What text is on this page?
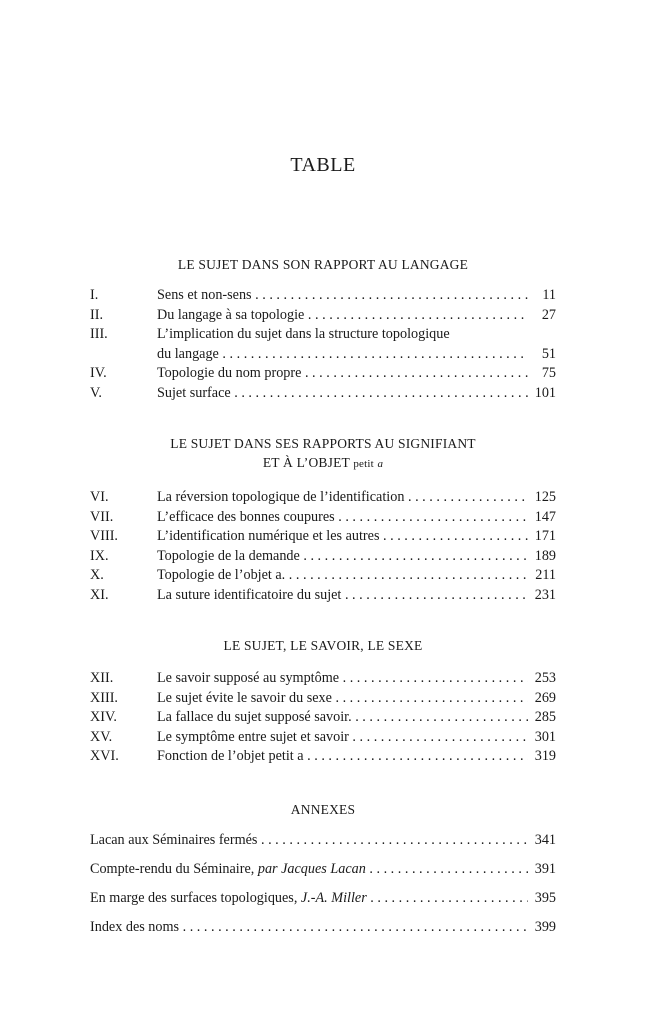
TABLE
LE SUJET DANS SON RAPPORT AU LANGAGE
I.	Sens et non-sens . . .	11
II.	Du langage à sa topologie . . .	27
III.	L’implication du sujet dans la structure topologique
du langage . . .	51
IV.	Topologie du nom propre . . .	75
V.	Sujet surface . . .	101
LE SUJET DANS SES RAPPORTS AU SIGNIFIANT
ET À L’OBJET petit a
VI.	La réversion topologique de l’identification . . .	125
VII.	L’efficace des bonnes coupures . . .	147
VIII.	L’identification numérique et les autres . . .	171
IX.	Topologie de la demande . . .	189
X.	Topologie de l’objet a. . . .	211
XI.	La suture identificatoire du sujet . . .	231
LE SUJET, LE SAVOIR, LE SEXE
XII.	Le savoir supposé au symptôme . . .	253
XIII.	Le sujet évite le savoir du sexe . . .	269
XIV.	La fallace du sujet supposé savoir. . . .	285
XV.	Le symptôme entre sujet et savoir . . .	301
XVI.	Fonction de l’objet petit a . . .	319
ANNEXES
Lacan aux Séminaires fermés . . .	341
Compte-rendu du Séminaire, par Jacques Lacan . . .	391
En marge des surfaces topologiques, J.-A. Miller . . .	395
Index des noms . . .	399
